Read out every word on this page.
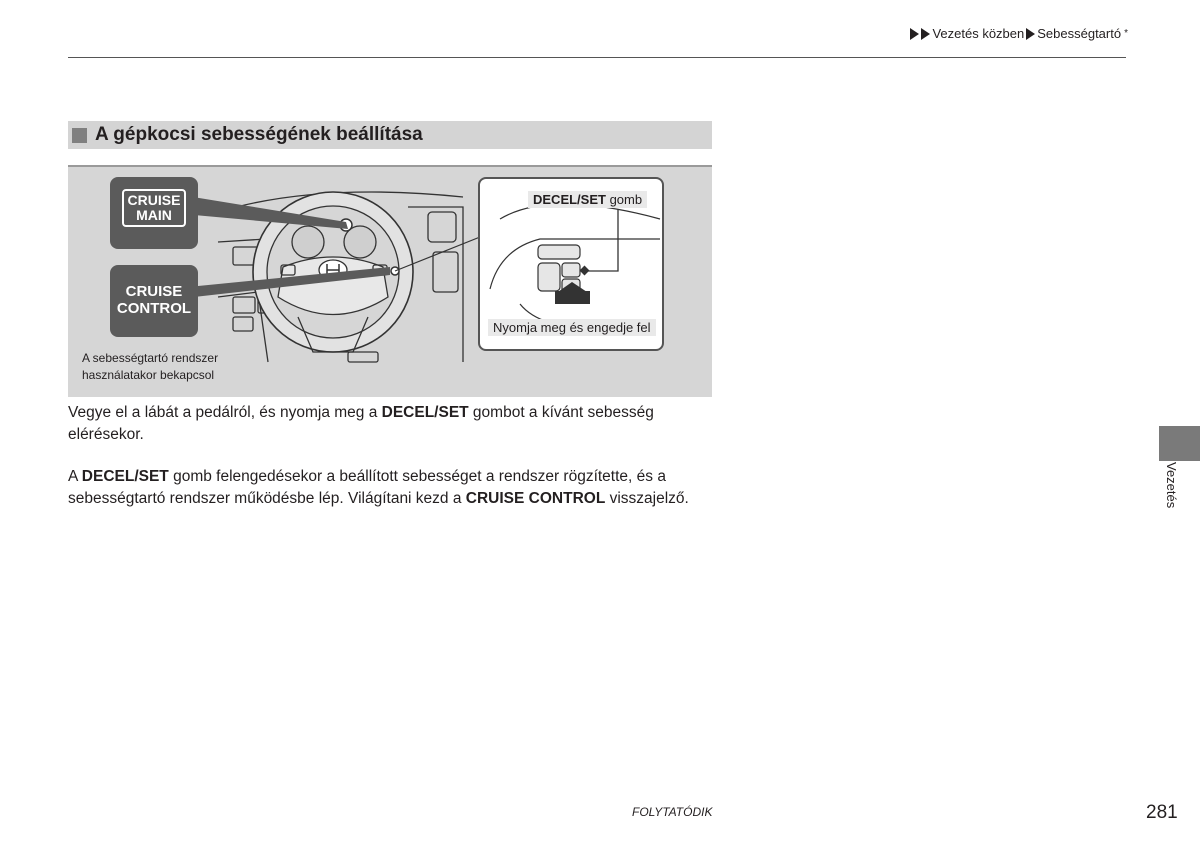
Vezetés közben Sebességtartó *
A gépkocsi sebességének beállítása
CRUISE
MAIN
CRUISE
CONTROL
A sebességtartó rendszer
használatakor bekapcsol
DECEL/SET gomb
Nyomja meg és engedje fel
Vegye el a lábát a pedálról, és nyomja meg a DECEL/SET gombot a kívánt sebesség elérésekor.
A DECEL/SET gomb felengedésekor a beállított sebességet a rendszer rögzítette, és a sebességtartó rendszer működésbe lép. Világítani kezd a CRUISE CONTROL visszajelző.	Vezetés
FOLYTATÓDIK	281
